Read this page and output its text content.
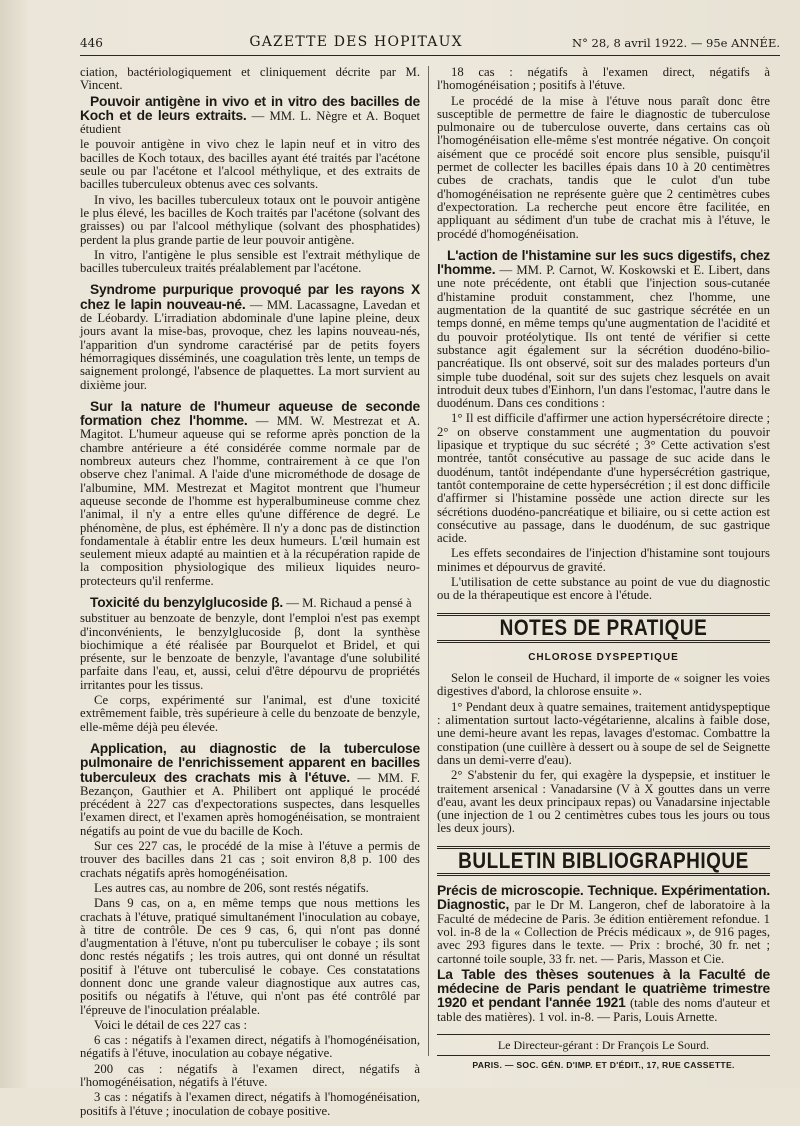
446	GAZETTE DES HOPITAUX	N° 28, 8 avril 1922. — 95e ANNÉE.

ciation, bactériologiquement et cliniquement décrite par M. Vincent.

Pouvoir antigène in vivo et in vitro des bacilles de Koch et de leurs extraits. — MM. L. Nègre et A. Boquet étudient

le pouvoir antigène in vivo chez le lapin neuf et in vitro des bacilles de Koch totaux, des bacilles ayant été traités par l'acétone seule ou par l'acétone et l'alcool méthylique, et des extraits de bacilles tuberculeux obtenus avec ces solvants.

In vivo, les bacilles tuberculeux totaux ont le pouvoir antigène le plus élevé, les bacilles de Koch traités par l'acétone (solvant des graisses) ou par l'alcool méthylique (solvant des phosphatides) perdent la plus grande partie de leur pouvoir antigène.

In vitro, l'antigène le plus sensible est l'extrait méthylique de bacilles tuberculeux traités préalablement par l'acétone.

Syndrome purpurique provoqué par les rayons X chez le lapin nouveau-né. — MM. Lacassagne, Lavedan et de Léobardy. L'irradiation abdominale d'une lapine pleine, deux jours avant la mise-bas, provoque, chez les lapins nouveau-nés, l'apparition d'un syndrome caractérisé par de petits foyers hémorragiques disséminés, une coagulation très lente, un temps de saignement prolongé, l'absence de plaquettes. La mort survient au dixième jour.

Sur la nature de l'humeur aqueuse de seconde formation chez l'homme. — MM. W. Mestrezat et A. Magitot. L'humeur aqueuse qui se reforme après ponction de la chambre antérieure a été considérée comme normale par de nombreux auteurs chez l'homme, contrairement à ce que l'on observe chez l'animal. A l'aide d'une microméthode de dosage de l'albumine, MM. Mestrezat et Magitot montrent que l'humeur aqueuse seconde de l'homme est hyperalbumineuse comme chez l'animal, il n'y a entre elles qu'une différence de degré. Le phénomène, de plus, est éphémère. Il n'y a donc pas de distinction fondamentale à établir entre les deux humeurs. L'œil humain est seulement mieux adapté au maintien et à la récupération rapide de la composition physiologique des milieux liquides neuro-protecteurs qu'il renferme.

Toxicité du benzylglucoside β. — M. Richaud a pensé à

substituer au benzoate de benzyle, dont l'emploi n'est pas exempt d'inconvénients, le benzylglucoside β, dont la synthèse biochimique a été réalisée par Bourquelot et Bridel, et qui présente, sur le benzoate de benzyle, l'avantage d'une solubilité parfaite dans l'eau, et, aussi, celui d'être dépourvu de propriétés irritantes pour les tissus.

Ce corps, expérimenté sur l'animal, est d'une toxicité extrêmement faible, très supérieure à celle du benzoate de benzyle, elle-même déjà peu élevée.

Application, au diagnostic de la tuberculose pulmonaire de l'enrichissement apparent en bacilles tuberculeux des crachats mis à l'étuve. — MM. F. Bezançon, Gauthier et A. Philibert ont appliqué le procédé précédent à 227 cas d'expectorations suspectes, dans lesquelles l'examen direct, et l'examen après homogénéisation, se montraient négatifs au point de vue du bacille de Koch.

Sur ces 227 cas, le procédé de la mise à l'étuve a permis de trouver des bacilles dans 21 cas ; soit environ 8,8 p. 100 des crachats négatifs après homogénéisation.

Les autres cas, au nombre de 206, sont restés négatifs.

Dans 9 cas, on a, en même temps que nous mettions les crachats à l'étuve, pratiqué simultanément l'inoculation au cobaye, à titre de contrôle. De ces 9 cas, 6, qui n'ont pas donné d'augmentation à l'étuve, n'ont pu tuberculiser le cobaye ; ils sont donc restés négatifs ; les trois autres, qui ont donné un résultat positif à l'étuve ont tuberculisé le cobaye. Ces constatations donnent donc une grande valeur diagnostique aux autres cas, positifs ou négatifs à l'étuve, qui n'ont pas été contrôlé par l'épreuve de l'inoculation préalable.

Voici le détail de ces 227 cas :

6 cas : négatifs à l'examen direct, négatifs à l'homogénéisation, négatifs à l'étuve, inoculation au cobaye négative.

200 cas : négatifs à l'examen direct, négatifs à l'homogénéisation, négatifs à l'étuve.

3 cas : négatifs à l'examen direct, négatifs à l'homogénéisation, positifs à l'étuve ; inoculation de cobaye positive.

18 cas : négatifs à l'examen direct, négatifs à l'homogénéisation ; positifs à l'étuve.

Le procédé de la mise à l'étuve nous paraît donc être susceptible de permettre de faire le diagnostic de tuberculose pulmonaire ou de tuberculose ouverte, dans certains cas où l'homogénéisation elle-même s'est montrée négative. On conçoit aisément que ce procédé soit encore plus sensible, puisqu'il permet de collecter les bacilles épais dans 10 à 20 centimètres cubes de crachats, tandis que le culot d'un tube d'homogénéisation ne représente guère que 2 centimètres cubes d'expectoration. La recherche peut encore être facilitée, en appliquant au sédiment d'un tube de crachat mis à l'étuve, le procédé d'homogénéisation.

L'action de l'histamine sur les sucs digestifs, chez l'homme. — MM. P. Carnot, W. Koskowski et E. Libert, dans une note précédente, ont établi que l'injection sous-cutanée d'histamine produit constamment, chez l'homme, une augmentation de la quantité de suc gastrique sécrétée en un temps donné, en même temps qu'une augmentation de l'acidité et du pouvoir protéolytique. Ils ont tenté de vérifier si cette substance agit également sur la sécrétion duodéno-bilio-pancréatique. Ils ont observé, soit sur des malades porteurs d'un simple tube duodénal, soit sur des sujets chez lesquels on avait introduit deux tubes d'Einhorn, l'un dans l'estomac, l'autre dans le duodénum. Dans ces conditions :

1° Il est difficile d'affirmer une action hypersécrétoire directe ; 2° on observe constamment une augmentation du pouvoir lipasique et tryptique du suc sécrété ; 3° Cette activation s'est montrée, tantôt consécutive au passage de suc acide dans le duodénum, tantôt indépendante d'une hypersécrétion gastrique, tantôt contemporaine de cette hypersécrétion ; il est donc difficile d'affirmer si l'histamine possède une action directe sur les sécrétions duodéno-pancréatique et biliaire, ou si cette action est consécutive au passage, dans le duodénum, de suc gastrique acide.

Les effets secondaires de l'injection d'histamine sont toujours minimes et dépourvus de gravité.

L'utilisation de cette substance au point de vue du diagnostic ou de la thérapeutique est encore à l'étude.

NOTES DE PRATIQUE
CHLOROSE DYSPEPTIQUE

Selon le conseil de Huchard, il importe de « soigner les voies digestives d'abord, la chlorose ensuite ».

1° Pendant deux à quatre semaines, traitement antidyspeptique : alimentation surtout lacto-végétarienne, alcalins à faible dose, une demi-heure avant les repas, lavages d'estomac. Combattre la constipation (une cuillère à dessert ou à soupe de sel de Seignette dans un demi-verre d'eau).

2° S'abstenir du fer, qui exagère la dyspepsie, et instituer le traitement arsenical : Vanadarsine (V à X gouttes dans un verre d'eau, avant les deux principaux repas) ou Vanadarsine injectable (une injection de 1 ou 2 centimètres cubes tous les jours ou tous les deux jours).

BULLETIN BIBLIOGRAPHIQUE

Précis de microscopie. Technique. Expérimentation. Diagnostic, par le Dr M. Langeron, chef de laboratoire à la Faculté de médecine de Paris. 3e édition entièrement refondue. 1 vol. in-8 de la « Collection de Précis médicaux », de 916 pages, avec 293 figures dans le texte. — Prix : broché, 30 fr. net ; cartonné toile souple, 33 fr. net. — Paris, Masson et Cie.

La Table des thèses soutenues à la Faculté de médecine de Paris pendant le quatrième trimestre 1920 et pendant l'année 1921 (table des noms d'auteur et table des matières). 1 vol. in-8. — Paris, Louis Arnette.

Le Directeur-gérant : Dr François Le Sourd.
PARIS. — SOC. GÉN. D'IMP. ET D'ÉDIT., 17, RUE CASSETTE.
